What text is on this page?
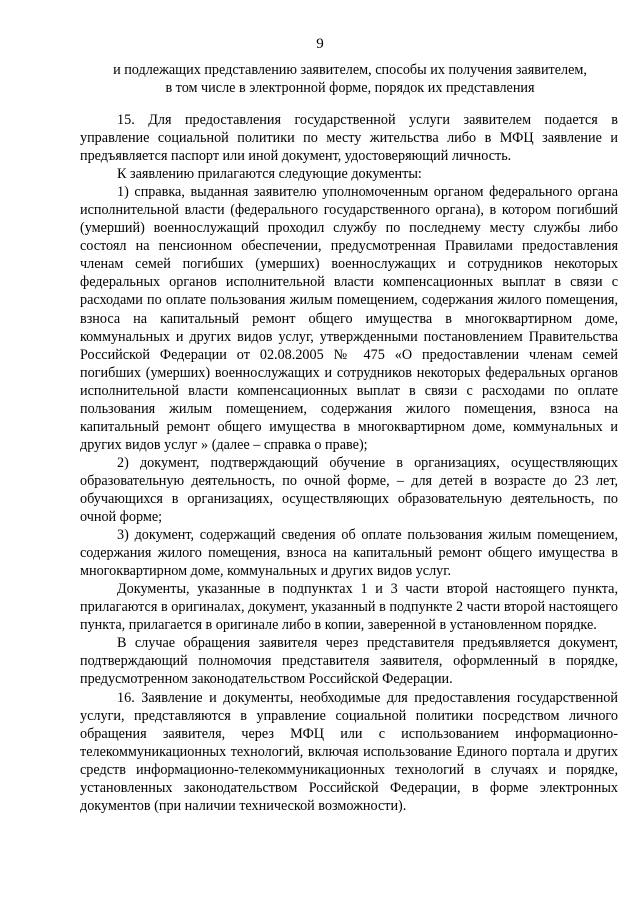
9
и подлежащих представлению заявителем, способы их получения заявителем,
в том числе в электронной форме, порядок их представления

15. Для предоставления государственной услуги заявителем подается в управление социальной политики по месту жительства либо в МФЦ заявление и предъявляется паспорт или иной документ, удостоверяющий личность.

К заявлению прилагаются следующие документы:

1) справка, выданная заявителю уполномоченным органом федерального органа исполнительной власти (федерального государственного органа), в котором погибший (умерший) военнослужащий проходил службу по последнему месту службы либо состоял на пенсионном обеспечении, предусмотренная Правилами предоставления членам семей погибших (умерших) военнослужащих и сотрудников некоторых федеральных органов исполнительной власти компенсационных выплат в связи с расходами по оплате пользования жилым помещением, содержания жилого помещения, взноса на капитальный ремонт общего имущества в многоквартирном доме, коммунальных и других видов услуг, утвержденными постановлением Правительства Российской Федерации от 02.08.2005 № 475 «О предоставлении членам семей погибших (умерших) военнослужащих и сотрудников некоторых федеральных органов исполнительной власти компенсационных выплат в связи с расходами по оплате пользования жилым помещением, содержания жилого помещения, взноса на капитальный ремонт общего имущества в многоквартирном доме, коммунальных и других видов услуг » (далее – справка о праве);

2) документ, подтверждающий обучение в организациях, осуществляющих образовательную деятельность, по очной форме, – для детей в возрасте до 23 лет, обучающихся в организациях, осуществляющих образовательную деятельность, по очной форме;

3) документ, содержащий сведения об оплате пользования жилым помещением, содержания жилого помещения, взноса на капитальный ремонт общего имущества в многоквартирном доме, коммунальных и других видов услуг.

Документы, указанные в подпунктах 1 и 3 части второй настоящего пункта, прилагаются в оригиналах, документ, указанный в подпункте 2 части второй настоящего пункта, прилагается в оригинале либо в копии, заверенной в установленном порядке.

В случае обращения заявителя через представителя предъявляется документ, подтверждающий полномочия представителя заявителя, оформленный в порядке, предусмотренном законодательством Российской Федерации.

16. Заявление и документы, необходимые для предоставления государственной услуги, представляются в управление социальной политики посредством личного обращения заявителя, через МФЦ или с использованием информационно-телекоммуникационных технологий, включая использование Единого портала и других средств информационно-телекоммуникационных технологий в случаях и порядке, установленных законодательством Российской Федерации, в форме электронных документов (при наличии технической возможности).
